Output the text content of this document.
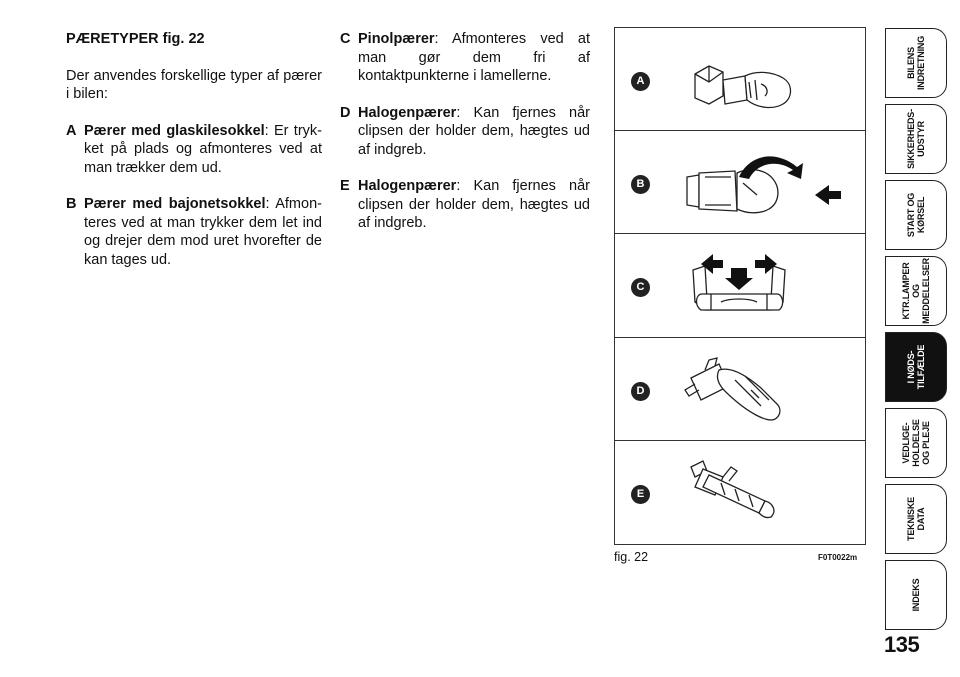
PÆRETYPER fig. 22
Der anvendes forskellige typer af pærer i bilen:
A Pærer med glaskilesokkel: Er trykket på plads og afmonteres ved at man trækker dem ud.
B Pærer med bajonetsokkel: Afmonteres ved at man trykker dem let ind og drejer dem mod uret hvorefter de kan tages ud.
C Pinolpærer: Afmonteres ved at man gør dem fri af kontaktpunkterne i lamellerne.
D Halogenpærer: Kan fjernes når clipsen der holder dem, hægtes ud af indgreb.
E Halogenpærer: Kan fjernes når clipsen der holder dem, hægtes ud af indgreb.
A
B
C
D
E
fig. 22	F0T0022m
BILENS
INDRETNING
SIKKERHEDS-
UDSTYR
START OG
KØRSEL
KTR.LAMPER
OG
MEDDELELSER
I NØDS-
TILFÆLDE
VEDLIGE-
HOLDELSE
OG PLEJE
TEKNISKE
DATA
INDEKS
135
